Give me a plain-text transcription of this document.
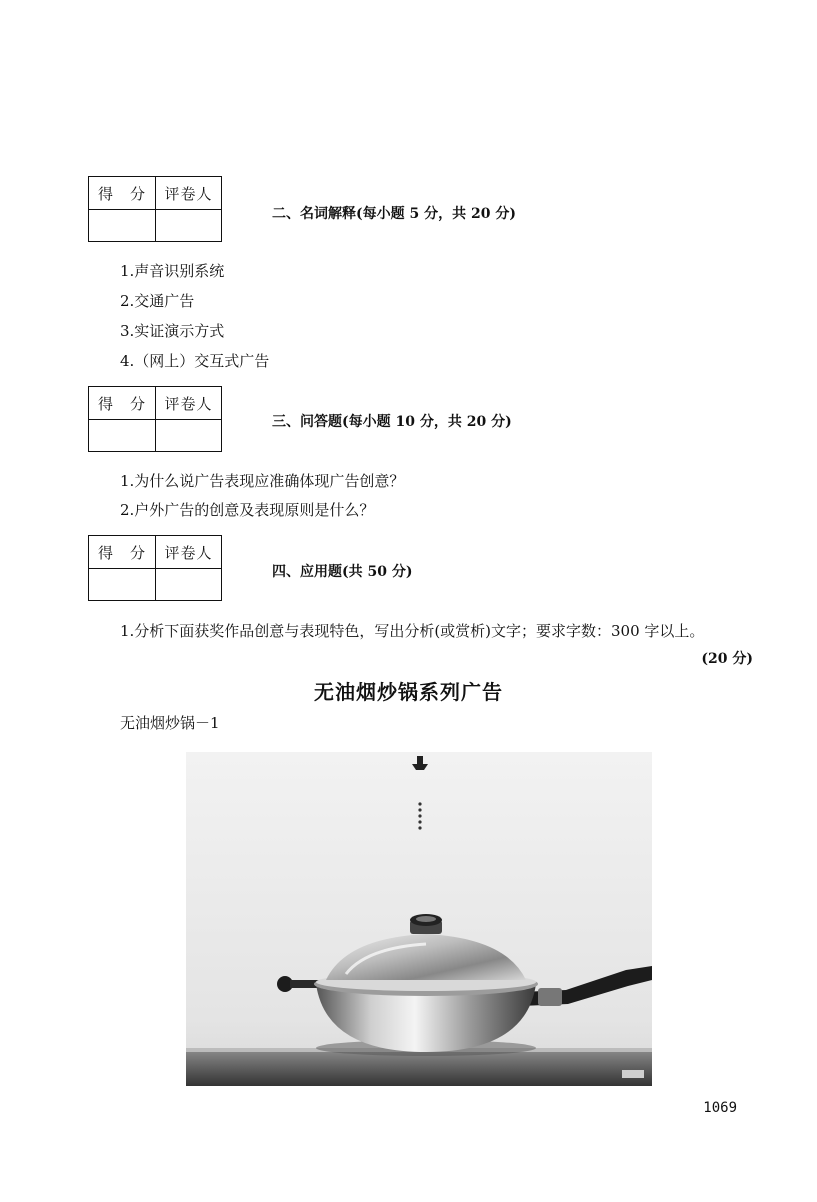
得　分	评卷人
二、名词解释(每小题 5 分，共 20 分)
1.声音识别系统
2.交通广告
3.实证演示方式
4.（网上）交互式广告
得　分	评卷人
三、问答题(每小题 10 分，共 20 分)
1.为什么说广告表现应准确体现广告创意？
2.户外广告的创意及表现原则是什么？
得　分	评卷人
四、应用题(共 50 分)
1.分析下面获奖作品创意与表现特色，写出分析(或赏析)文字；要求字数：300 字以上。
(20 分)
无油烟炒锅系列广告
无油烟炒锅－1
1069
